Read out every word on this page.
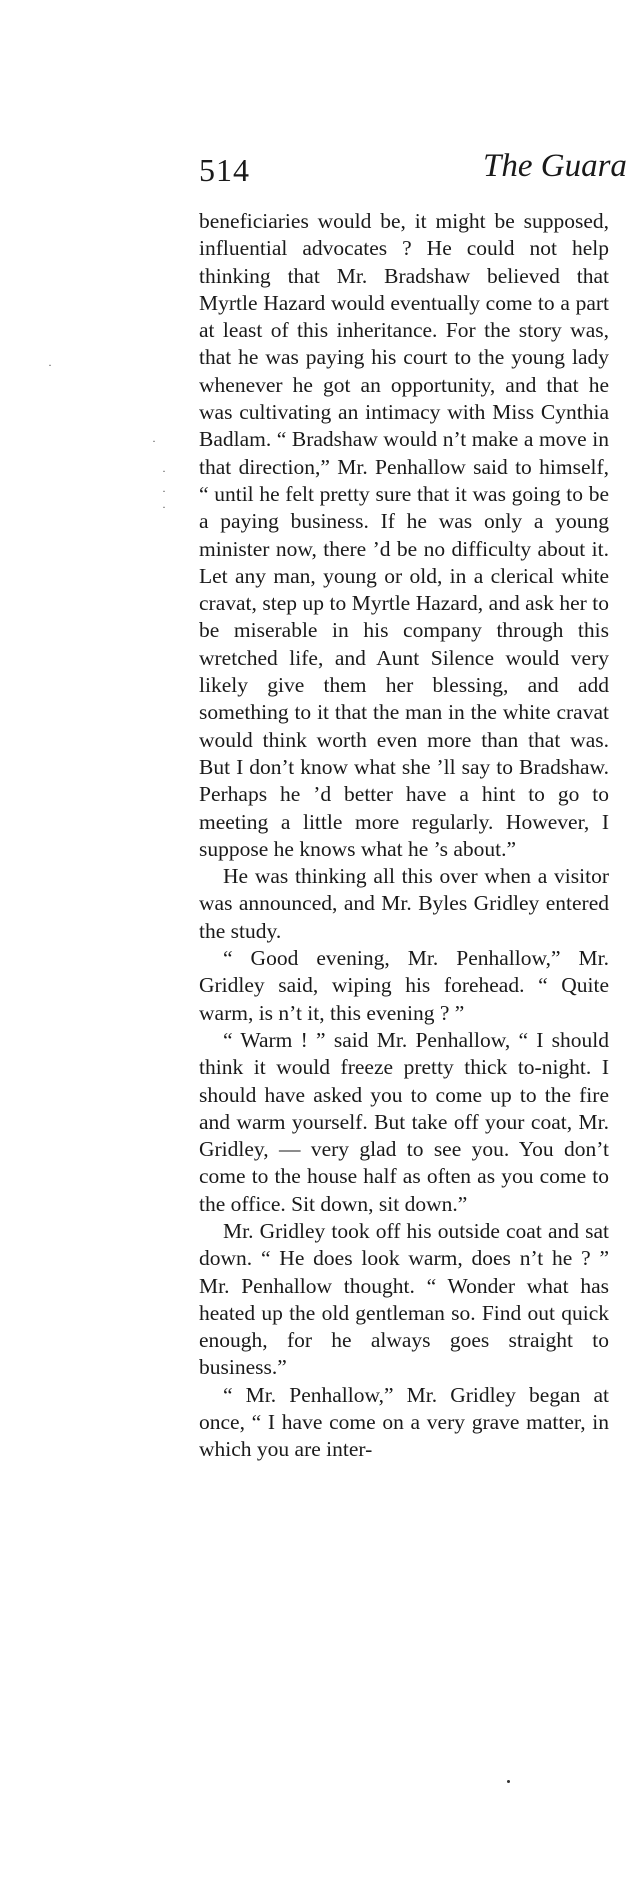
514	The Guara
·
·
·
·
·

beneficiaries would be, it might be supposed, influential advocates ? He could not help thinking that Mr. Bradshaw believed that Myrtle Hazard would eventually come to a part at least of this inheritance. For the story was, that he was paying his court to the young lady whenever he got an opportunity, and that he was cultivating an intimacy with Miss Cynthia Badlam. “ Bradshaw would n’t make a move in that direction,” Mr. Penhallow said to himself, “ until he felt pretty sure that it was going to be a paying business. If he was only a young minister now, there ’d be no difficulty about it. Let any man, young or old, in a clerical white cravat, step up to Myrtle Hazard, and ask her to be miserable in his company through this wretched life, and Aunt Silence would very likely give them her blessing, and add something to it that the man in the white cravat would think worth even more than that was. But I don’t know what she ’ll say to Bradshaw. Perhaps he ’d better have a hint to go to meeting a little more regularly. However, I suppose he knows what he ’s about.”

He was thinking all this over when a visitor was announced, and Mr. Byles Gridley entered the study.

“ Good evening, Mr. Penhallow,” Mr. Gridley said, wiping his forehead. “ Quite warm, is n’t it, this evening ? ”

“ Warm ! ” said Mr. Penhallow, “ I should think it would freeze pretty thick to-night. I should have asked you to come up to the fire and warm yourself. But take off your coat, Mr. Gridley, — very glad to see you. You don’t come to the house half as often as you come to the office. Sit down, sit down.”

Mr. Gridley took off his outside coat and sat down. “ He does look warm, does n’t he ? ” Mr. Penhallow thought. “ Wonder what has heated up the old gentleman so. Find out quick enough, for he always goes straight to business.”

“ Mr. Penhallow,” Mr. Gridley began at once, “ I have come on a very grave matter, in which you are inter-
